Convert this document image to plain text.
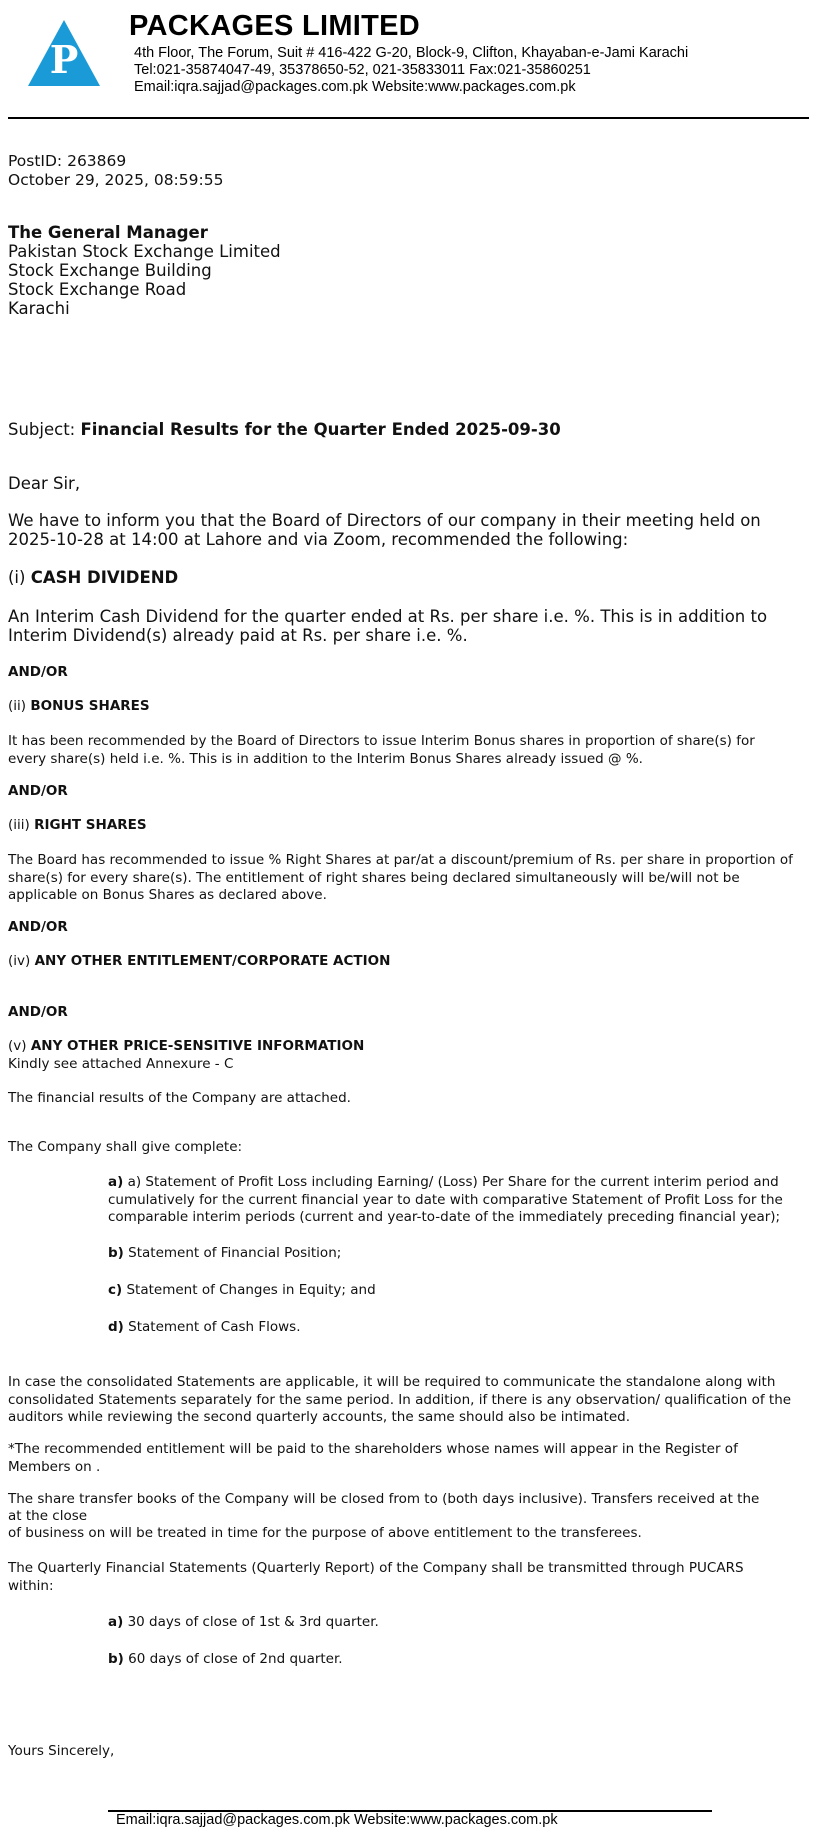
P
PACKAGES LIMITED
4th Floor, The Forum, Suit # 416-422 G-20, Block-9, Clifton, Khayaban-e-Jami Karachi
Tel:021-35874047-49, 35378650-52, 021-35833011 Fax:021-35860251
Email:iqra.sajjad@packages.com.pk Website:www.packages.com.pk
PostID: 263869
October 29, 2025, 08:59:55
The General Manager
Pakistan Stock Exchange Limited
Stock Exchange Building
Stock Exchange Road
Karachi
Subject: Financial Results for the Quarter Ended 2025-09-30
Dear Sir,
We have to inform you that the Board of Directors of our company in their meeting held on 2025-10-28 at 14:00 at Lahore and via Zoom, recommended the following:
(i) CASH DIVIDEND
An Interim Cash Dividend for the quarter ended at Rs. per share i.e. %. This is in addition to Interim Dividend(s) already paid at Rs. per share i.e. %.
AND/OR
(ii) BONUS SHARES
It has been recommended by the Board of Directors to issue Interim Bonus shares in proportion of share(s) for every share(s) held i.e. %. This is in addition to the Interim Bonus Shares already issued @ %.
AND/OR
(iii) RIGHT SHARES
The Board has recommended to issue % Right Shares at par/at a discount/premium of Rs. per share in proportion of share(s) for every share(s). The entitlement of right shares being declared simultaneously will be/will not be applicable on Bonus Shares as declared above.
AND/OR
(iv) ANY OTHER ENTITLEMENT/CORPORATE ACTION
AND/OR
(v) ANY OTHER PRICE-SENSITIVE INFORMATION
Kindly see attached Annexure - C
The financial results of the Company are attached.
The Company shall give complete:
a) a) Statement of Profit Loss including Earning/ (Loss) Per Share for the current interim period and cumulatively for the current financial year to date with comparative Statement of Profit Loss for the comparable interim periods (current and year-to-date of the immediately preceding financial year);
b) Statement of Financial Position;
c) Statement of Changes in Equity; and
d) Statement of Cash Flows.
In case the consolidated Statements are applicable, it will be required to communicate the standalone along with consolidated Statements separately for the same period. In addition, if there is any observation/ qualification of the auditors while reviewing the second quarterly accounts, the same should also be intimated.
*The recommended entitlement will be paid to the shareholders whose names will appear in the Register of Members on .
The share transfer books of the Company will be closed from to (both days inclusive). Transfers received at the
at the close
of business on will be treated in time for the purpose of above entitlement to the transferees.
The Quarterly Financial Statements (Quarterly Report) of the Company shall be transmitted through PUCARS within:
a) 30 days of close of 1st & 3rd quarter.
b) 60 days of close of 2nd quarter.
Yours Sincerely,
Email:iqra.sajjad@packages.com.pk Website:www.packages.com.pk
